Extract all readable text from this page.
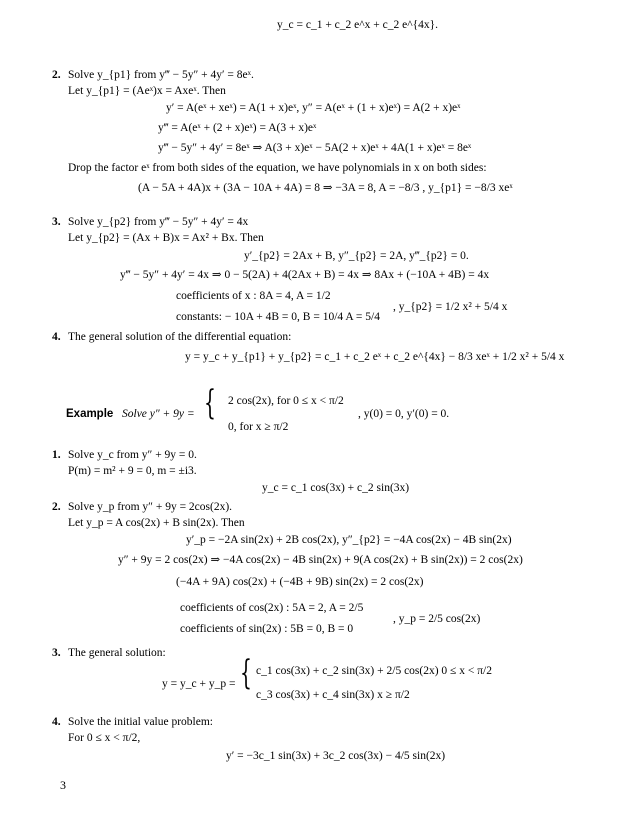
y_c = c_1 + c_2 e^x + c_2 e^{4x}.
2. Solve y_{p1} from y‴ − 5y″ + 4y′ = 8eˣ.
Let y_{p1} = (Aeˣ)x = Axeˣ. Then
y′ = A(eˣ + xeˣ) = A(1 + x)eˣ, y″ = A(eˣ + (1 + x)eˣ) = A(2 + x)eˣ
y‴ = A(eˣ + (2 + x)eˣ) = A(3 + x)eˣ
y‴ − 5y″ + 4y′ = 8eˣ ⇒ A(3 + x)eˣ − 5A(2 + x)eˣ + 4A(1 + x)eˣ = 8eˣ
Drop the factor eˣ from both sides of the equation, we have polynomials in x on both sides:
(A − 5A + 4A)x + (3A − 10A + 4A) = 8 ⇒ −3A = 8, A = −8/3 , y_{p1} = −8/3 xeˣ
3. Solve y_{p2} from y‴ − 5y″ + 4y′ = 4x
Let y_{p2} = (Ax + B)x = Ax² + Bx. Then
y′_{p2} = 2Ax + B, y″_{p2} = 2A, y‴_{p2} = 0.
y‴ − 5y″ + 4y′ = 4x ⇒ 0 − 5(2A) + 4(2Ax + B) = 4x ⇒ 8Ax + (−10A + 4B) = 4x
coefficients of x : 8A = 4, A = 1/2
constants: − 10A + 4B = 0, B = 10/4 A = 5/4
, y_{p2} = 1/2 x² + 5/4 x
4. The general solution of the differential equation:
y = y_c + y_{p1} + y_{p2} = c_1 + c_2 eˣ + c_2 e^{4x} − 8/3 xeˣ + 1/2 x² + 5/4 x
Example Solve y″ + 9y = { 2 cos(2x), for 0 ≤ x < π/2
0, for x ≥ π/2
, y(0) = 0, y′(0) = 0.
1. Solve y_c from y″ + 9y = 0.
P(m) = m² + 9 = 0, m = ±i3.
y_c = c_1 cos(3x) + c_2 sin(3x)
2. Solve y_p from y″ + 9y = 2cos(2x).
Let y_p = A cos(2x) + B sin(2x). Then
y′_p = −2A sin(2x) + 2B cos(2x), y″_{p2} = −4A cos(2x) − 4B sin(2x)
y″ + 9y = 2 cos(2x) ⇒ −4A cos(2x) − 4B sin(2x) + 9(A cos(2x) + B sin(2x)) = 2 cos(2x)
(−4A + 9A) cos(2x) + (−4B + 9B) sin(2x) = 2 cos(2x)
coefficients of cos(2x) : 5A = 2, A = 2/5
coefficients of sin(2x) : 5B = 0, B = 0
, y_p = 2/5 cos(2x)
3. The general solution:
y = y_c + y_p = { c_1 cos(3x) + c_2 sin(3x) + 2/5 cos(2x) 0 ≤ x < π/2
c_3 cos(3x) + c_4 sin(3x) x ≥ π/2
4. Solve the initial value problem:
For 0 ≤ x < π/2,
y′ = −3c_1 sin(3x) + 3c_2 cos(3x) − 4/5 sin(2x)
3
